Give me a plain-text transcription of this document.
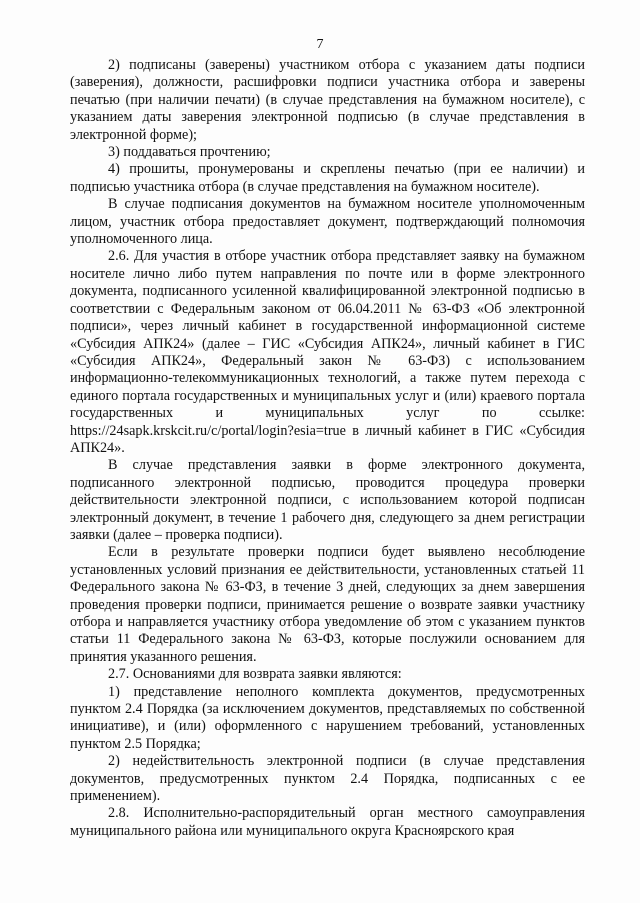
7

2) подписаны (заверены) участником отбора с указанием даты подписи (заверения), должности, расшифровки подписи участника отбора и заверены печатью (при наличии печати) (в случае представления на бумажном носителе), с указанием даты заверения электронной подписью (в случае представления в электронной форме);

3) поддаваться прочтению;

4) прошиты, пронумерованы и скреплены печатью (при ее наличии) и подписью участника отбора (в случае представления на бумажном носителе).

В случае подписания документов на бумажном носителе уполномоченным лицом, участник отбора предоставляет документ, подтверждающий полномочия уполномоченного лица.

2.6. Для участия в отборе участник отбора представляет заявку на бумажном носителе лично либо путем направления по почте или в форме электронного документа, подписанного усиленной квалифицированной электронной подписью в соответствии с Федеральным законом от 06.04.2011 № 63-ФЗ «Об электронной подписи», через личный кабинет в государственной информационной системе «Субсидия АПК24» (далее – ГИС «Субсидия АПК24», личный кабинет в ГИС «Субсидия АПК24», Федеральный закон № 63-ФЗ) с использованием информационно-телекоммуникационных технологий, а также путем перехода с единого портала государственных и муниципальных услуг и (или) краевого портала государственных и муниципальных услуг по ссылке: https://24sapk.krskcit.ru/c/portal/login?esia=true в личный кабинет в ГИС «Субсидия АПК24».

В случае представления заявки в форме электронного документа, подписанного электронной подписью, проводится процедура проверки действительности электронной подписи, с использованием которой подписан электронный документ, в течение 1 рабочего дня, следующего за днем регистрации заявки (далее – проверка подписи).

Если в результате проверки подписи будет выявлено несоблюдение установленных условий признания ее действительности, установленных статьей 11 Федерального закона № 63-ФЗ, в течение 3 дней, следующих за днем завершения проведения проверки подписи, принимается решение о возврате заявки участнику отбора и направляется участнику отбора уведомление об этом с указанием пунктов статьи 11 Федерального закона № 63-ФЗ, которые послужили основанием для принятия указанного решения.

2.7. Основаниями для возврата заявки являются:

1) представление неполного комплекта документов, предусмотренных пунктом 2.4 Порядка (за исключением документов, представляемых по собственной инициативе), и (или) оформленного с нарушением требований, установленных пунктом 2.5 Порядка;

2) недействительность электронной подписи (в случае представления документов, предусмотренных пунктом 2.4 Порядка, подписанных с ее применением).

2.8. Исполнительно-распорядительный орган местного самоуправления муниципального района или муниципального округа Красноярского края
